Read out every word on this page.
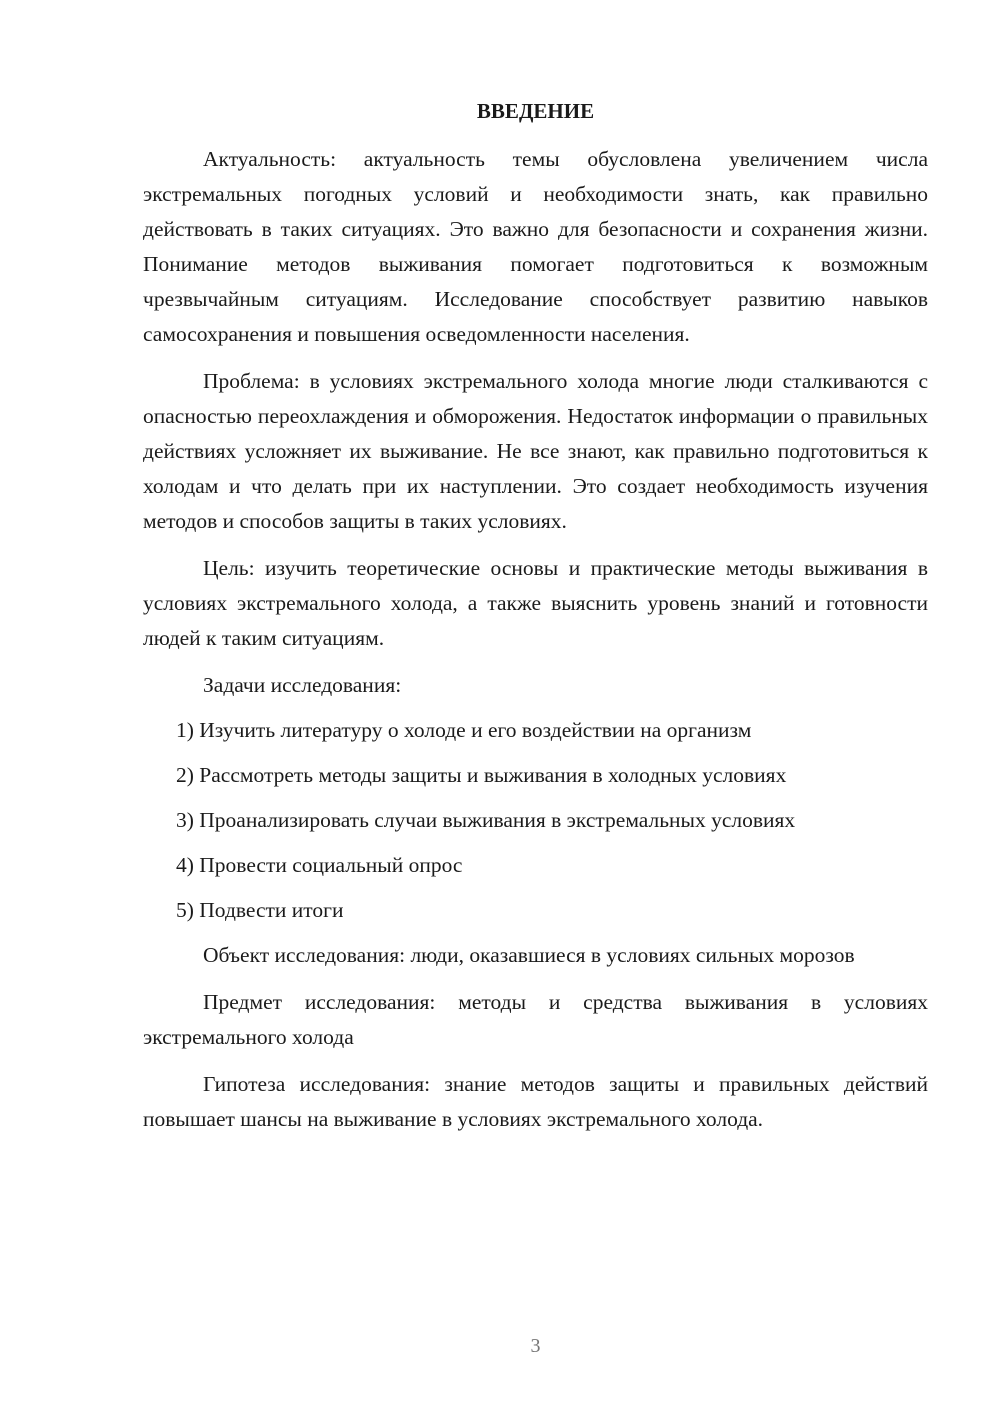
ВВЕДЕНИЕ

Актуальность: актуальность темы обусловлена увеличением числа экстремальных погодных условий и необходимости знать, как правильно действовать в таких ситуациях. Это важно для безопасности и сохранения жизни. Понимание методов выживания помогает подготовиться к возможным чрезвычайным ситуациям. Исследование способствует развитию навыков самосохранения и повышения осведомленности населения.

Проблема: в условиях экстремального холода многие люди сталкиваются с опасностью переохлаждения и обморожения. Недостаток информации о правильных действиях усложняет их выживание. Не все знают, как правильно подготовиться к холодам и что делать при их наступлении. Это создает необходимость изучения методов и способов защиты в таких условиях.

Цель: изучить теоретические основы и практические методы выживания в условиях экстремального холода, а также выяснить уровень знаний и готовности людей к таким ситуациям.

Задачи исследования:

1) Изучить литературу о холоде и его воздействии на организм
2) Рассмотреть методы защиты и выживания в холодных условиях
3) Проанализировать случаи выживания в экстремальных условиях
4) Провести социальный опрос
5) Подвести итоги

Объект исследования: люди, оказавшиеся в условиях сильных морозов

Предмет исследования: методы и средства выживания в условиях экстремального холода

Гипотеза исследования: знание методов защиты и правильных действий повышает шансы на выживание в условиях экстремального холода.

3
